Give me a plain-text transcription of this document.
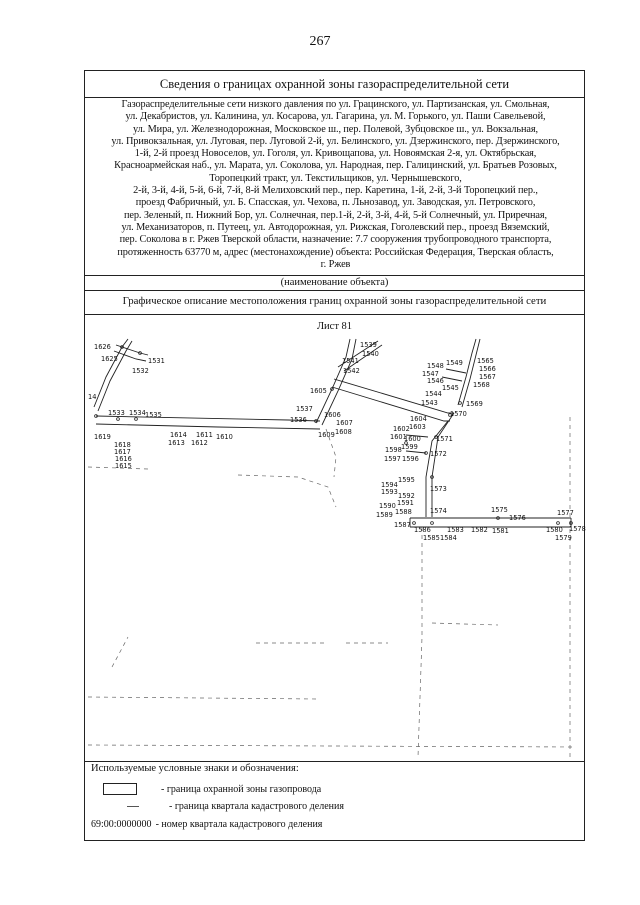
267
Сведения о границах охранной зоны газораспределительной сети
Газораспределительные сети низкого давления по ул. Грацинского, ул. Партизанская, ул. Смольная,
ул. Декабристов, ул. Калинина, ул. Косарова, ул. Гагарина, ул. М. Горького, ул. Паши Савельевой,
ул. Мира, ул. Железнодорожная, Московское ш., пер. Полевой, Зубцовское ш., ул. Вокзальная,
ул. Привокзальная, ул. Луговая, пер. Луговой 2-й, ул. Белинского, ул. Дзержинского, пер. Дзержинского,
1-й, 2-й проезд Новоселов, ул. Гоголя, ул. Кривощапова, ул. Новоямская 2-я, ул. Октябрьская,
Красноармейская наб., ул. Марата, ул. Соколова, ул. Народная, пер. Галицинский, ул. Братьев Розовых,
Торопецкий тракт, ул. Текстильщиков, ул. Чернышевского,
2-й, 3-й, 4-й, 5-й, 6-й, 7-й, 8-й Мелиховский пер., пер. Каретина, 1-й, 2-й, 3-й Торопецкий пер.,
проезд Фабричный, ул. Б. Спасская, ул. Чехова, п. Льнозавод, ул. Заводская, ул. Петровского,
пер. Зеленый, п. Нижний Бор, ул. Солнечная, пер.1-й, 2-й, 3-й, 4-й, 5-й Солнечный, ул. Приречная,
ул. Механизаторов, п. Путеец, ул. Автодорожная, ул. Рижская, Гоголевский пер., проезд Вяземский,
пер. Соколова в г. Ржев Тверской области, назначение: 7.7 сооружения трубопроводного транспорта,
протяженность 63770 м, адрес (местонахождение) объекта: Российская Федерация, Тверская область,
г. Ржев
(наименование объекта)
Графическое описание местоположения границ охранной зоны газораспределительной сети
Лист 81
1626
1625	1531
1532
1539
1540
1541
1542
1605
1537
1536
1606
1607
1608
1609
1533 1534 1535
1619
1618
1617
1616
1615
1614
1613
1611
1612
1610
1548 1549 1565
1566
1547
1546	1567
1568
1545
1544
1543	1569
1570
1604
1603
1602
1601
1600 1571
1599
1598
1597 1596
1572
1595
1594
1593	1573
1592
1591
1590
1589 1588	1574	1575
1576
1577
1587
1586 1583 1582 1581	1580 1578
1579
1585 1584
14
Используемые условные знаки и обозначения:
- граница охранной зоны газопровода
- граница квартала кадастрового деления
69:00:0000000 - номер квартала кадастрового деления
